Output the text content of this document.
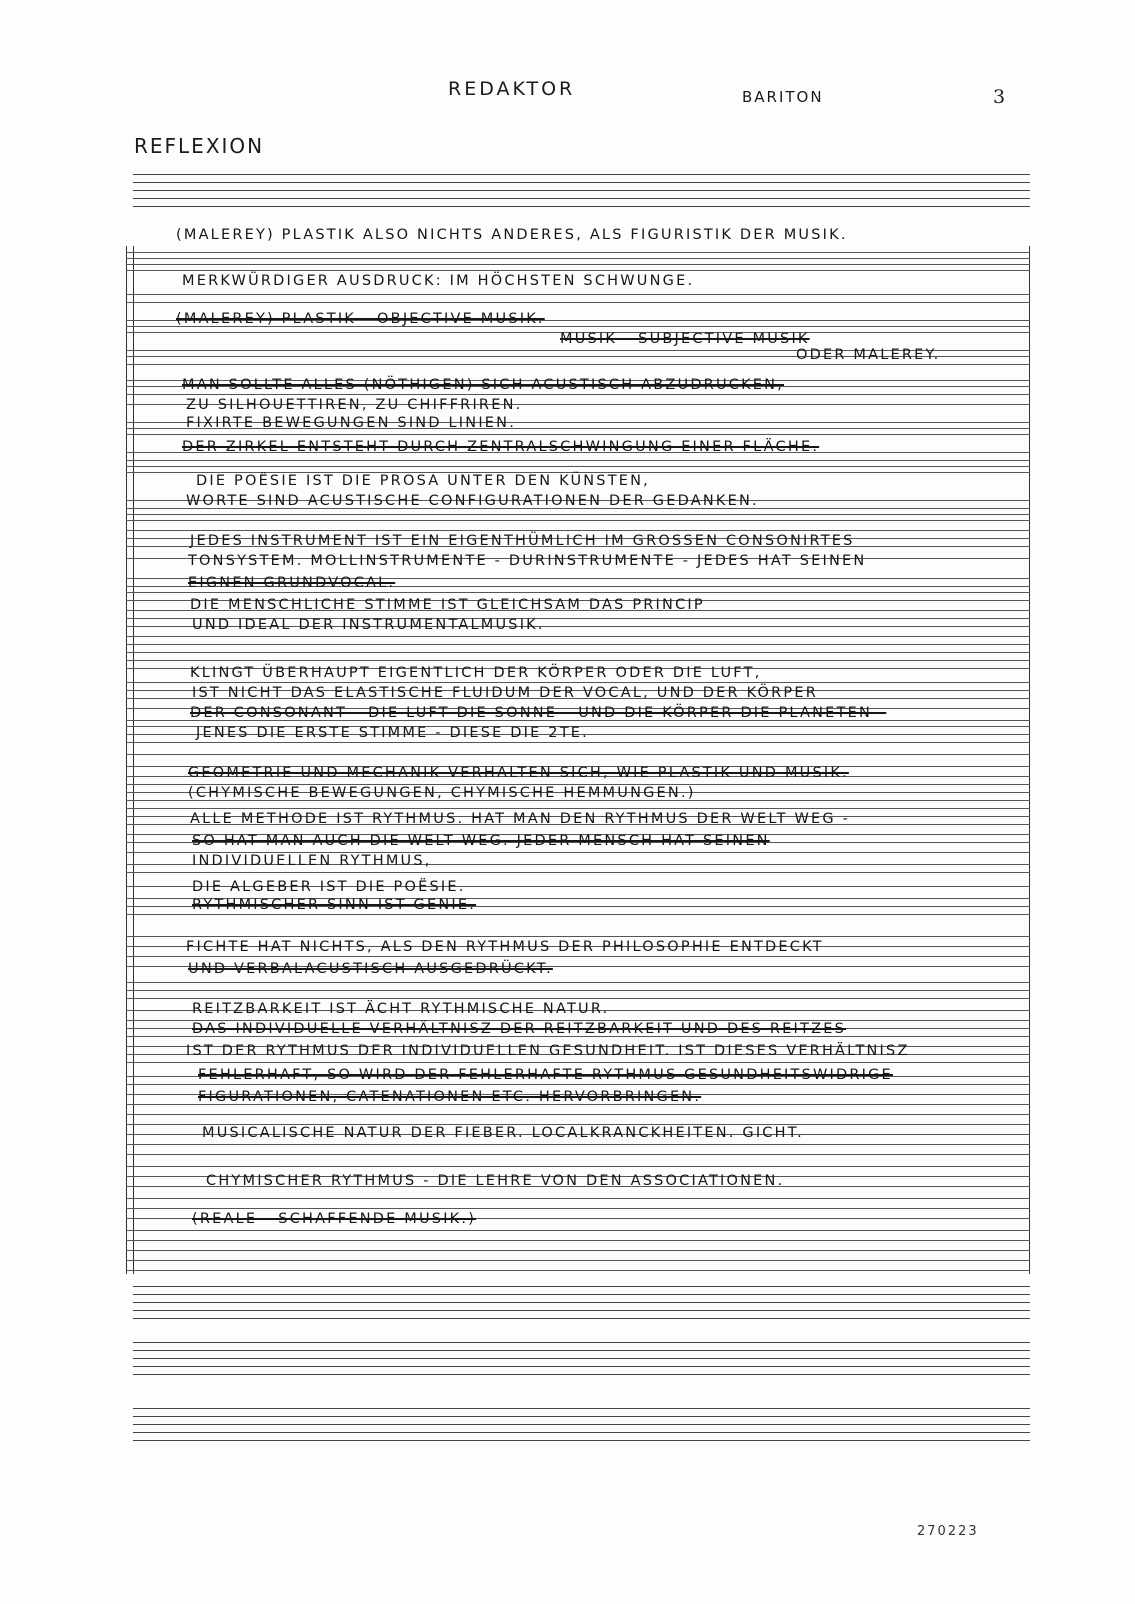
REDAKTOR	BARITON	3
REFLEXION
(MALEREY) PLASTIK ALSO NICHTS ANDERES, ALS FIGURISTIK DER MUSIK.
MERKWÜRDIGER AUSDRUCK: IM HÖCHSTEN SCHWUNGE.
(MALEREY) PLASTIK - OBJECTIVE MUSIK.
MUSIK - SUBJECTIVE MUSIK
ODER MALEREY.
MAN SOLLTE ALLES (NÖTHIGEN) SICH ACUSTISCH ABZUDRUCKEN,
ZU SILHOUETTIREN, ZU CHIFFRIREN.
FIXIRTE BEWEGUNGEN SIND LINIEN.
DER ZIRKEL ENTSTEHT DURCH ZENTRALSCHWINGUNG EINER FLÄCHE.
DIE POËSIE IST DIE PROSA UNTER DEN KÜNSTEN,
WORTE SIND ACUSTISCHE CONFIGURATIONEN DER GEDANKEN.
JEDES INSTRUMENT IST EIN EIGENTHÜMLICH IM GROSSEN CONSONIRTES
TONSYSTEM. MOLLINSTRUMENTE - DURINSTRUMENTE - JEDES HAT SEINEN
EIGNEN GRUNDVOCAL.
DIE MENSCHLICHE STIMME IST GLEICHSAM DAS PRINCIP
UND IDEAL DER INSTRUMENTALMUSIK.
KLINGT ÜBERHAUPT EIGENTLICH DER KÖRPER ODER DIE LUFT,
IST NICHT DAS ELASTISCHE FLUIDUM DER VOCAL, UND DER KÖRPER
DER CONSONANT - DIE LUFT DIE SONNE - UND DIE KÖRPER DIE PLANETEN -
JENES DIE ERSTE STIMME - DIESE DIE 2TE.
GEOMETRIE UND MECHANIK VERHALTEN SICH, WIE PLASTIK UND MUSIK.
(CHYMISCHE BEWEGUNGEN, CHYMISCHE HEMMUNGEN.)
ALLE METHODE IST RYTHMUS. HAT MAN DEN RYTHMUS DER WELT WEG -
SO HAT MAN AUCH DIE WELT WEG. JEDER MENSCH HAT SEINEN
INDIVIDUELLEN RYTHMUS,
DIE ALGEBER IST DIE POËSIE.
RYTHMISCHER SINN IST GENIE.
FICHTE HAT NICHTS, ALS DEN RYTHMUS DER PHILOSOPHIE ENTDECKT
UND VERBALACUSTISCH AUSGEDRÜCKT.
REITZBARKEIT IST ÄCHT RYTHMISCHE NATUR.
DAS INDIVIDUELLE VERHÄLTNISZ DER REITZBARKEIT UND DES REITZES
IST DER RYTHMUS DER INDIVIDUELLEN GESUNDHEIT. IST DIESES VERHÄLTNISZ
FEHLERHAFT, SO WIRD DER FEHLERHAFTE RYTHMUS GESUNDHEITSWIDRIGE
FIGURATIONEN, CATENATIONEN ETC. HERVORBRINGEN.
MUSICALISCHE NATUR DER FIEBER. LOCALKRANCKHEITEN. GICHT.
CHYMISCHER RYTHMUS - DIE LEHRE VON DEN ASSOCIATIONEN.
(REALE - SCHAFFENDE MUSIK.)
270223
